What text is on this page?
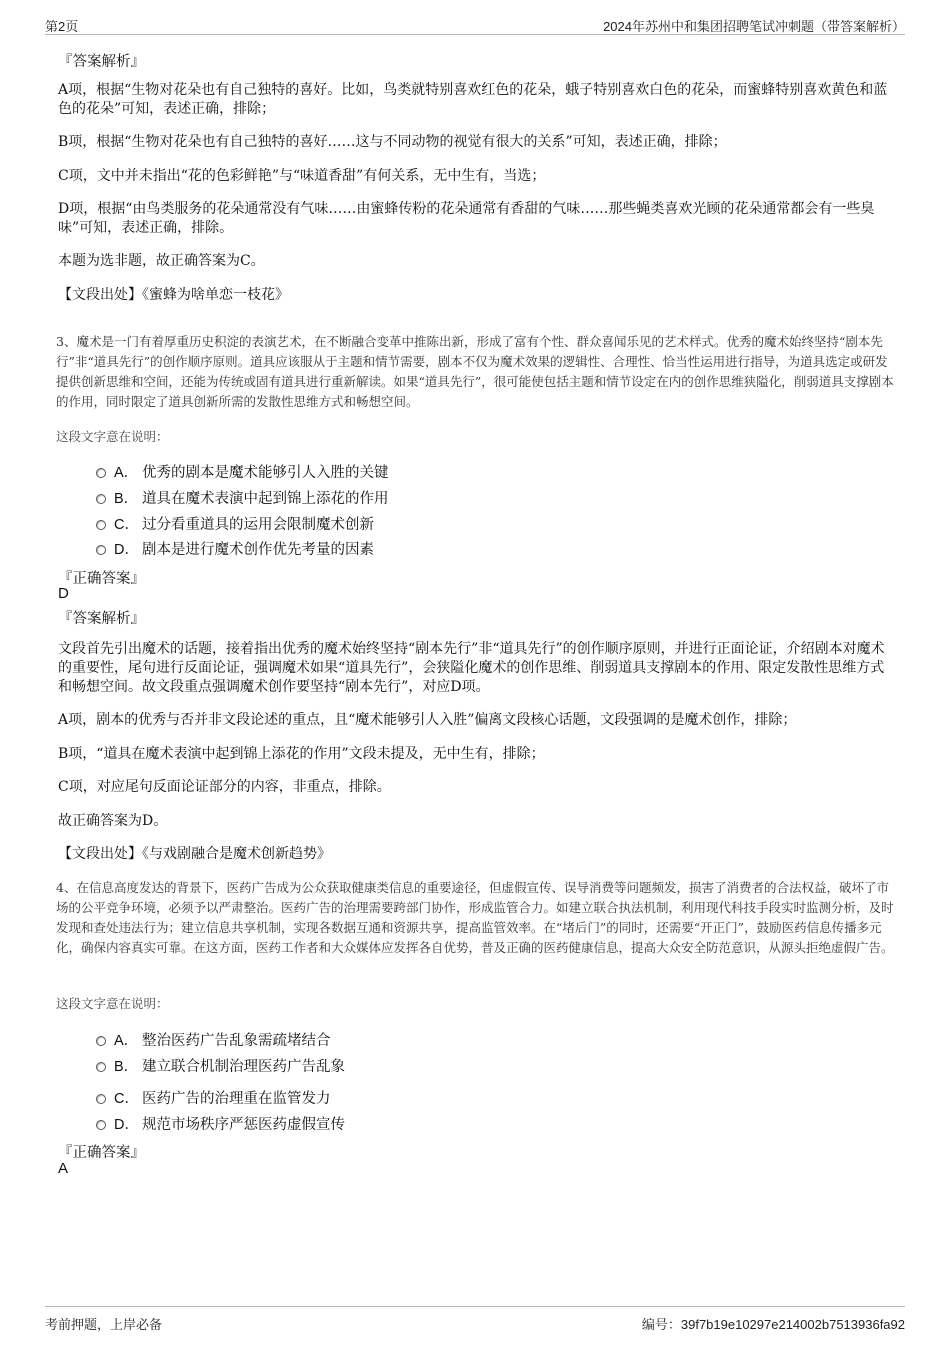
第2页	2024年苏州中和集团招聘笔试冲刺题（带答案解析）
『答案解析』
A项，根据“生物对花朵也有自己独特的喜好。比如，鸟类就特别喜欢红色的花朵，蛾子特别喜欢白色的花朵，而蜜蜂特别喜欢黄色和蓝色的花朵”可知，表述正确，排除；
B项，根据“生物对花朵也有自己独特的喜好……这与不同动物的视觉有很大的关系”可知，表述正确，排除；
C项，文中并未指出“花的色彩鲜艳”与“味道香甜”有何关系，无中生有，当选；
D项，根据“由鸟类服务的花朵通常没有气味……由蜜蜂传粉的花朵通常有香甜的气味……那些蝇类喜欢光顾的花朵通常都会有一些臭味”可知，表述正确，排除。
本题为选非题，故正确答案为C。
【文段出处】《蜜蜂为啥单恋一枝花》
3、魔术是一门有着厚重历史积淀的表演艺术，在不断融合变革中推陈出新，形成了富有个性、群众喜闻乐见的艺术样式。优秀的魔术始终坚持“剧本先行”非“道具先行”的创作顺序原则。道具应该服从于主题和情节需要，剧本不仅为魔术效果的逻辑性、合理性、恰当性运用进行指导，为道具选定或研发提供创新思维和空间，还能为传统或固有道具进行重新解读。如果“道具先行”，很可能使包括主题和情节设定在内的创作思维狭隘化，削弱道具支撑剧本的作用，同时限定了道具创新所需的发散性思维方式和畅想空间。
这段文字意在说明：
A． 优秀的剧本是魔术能够引人入胜的关键
B． 道具在魔术表演中起到锦上添花的作用
C． 过分看重道具的运用会限制魔术创新
D． 剧本是进行魔术创作优先考量的因素
『正确答案』
D
『答案解析』
文段首先引出魔术的话题，接着指出优秀的魔术始终坚持“剧本先行”非“道具先行”的创作顺序原则，并进行正面论证，介绍剧本对魔术的重要性，尾句进行反面论证，强调魔术如果“道具先行”，会狭隘化魔术的创作思维、削弱道具支撑剧本的作用、限定发散性思维方式和畅想空间。故文段重点强调魔术创作要坚持“剧本先行”，对应D项。
A项，剧本的优秀与否并非文段论述的重点，且“魔术能够引人入胜”偏离文段核心话题，文段强调的是魔术创作，排除；
B项，“道具在魔术表演中起到锦上添花的作用”文段未提及，无中生有，排除；
C项，对应尾句反面论证部分的内容，非重点，排除。
故正确答案为D。
【文段出处】《与戏剧融合是魔术创新趋势》
4、在信息高度发达的背景下，医药广告成为公众获取健康类信息的重要途径，但虚假宣传、误导消费等问题频发，损害了消费者的合法权益，破坏了市场的公平竞争环境，必须予以严肃整治。医药广告的治理需要跨部门协作，形成监管合力。如建立联合执法机制，利用现代科技手段实时监测分析，及时发现和查处违法行为；建立信息共享机制，实现各数据互通和资源共享，提高监管效率。在“堵后门”的同时，还需要“开正门”，鼓励医药信息传播多元化，确保内容真实可靠。在这方面，医药工作者和大众媒体应发挥各自优势，普及正确的医药健康信息，提高大众安全防范意识，从源头拒绝虚假广告。
这段文字意在说明：
A． 整治医药广告乱象需疏堵结合
B． 建立联合机制治理医药广告乱象
C． 医药广告的治理重在监管发力
D． 规范市场秩序严惩医药虚假宣传
『正确答案』
A
考前押题，上岸必备	编号：39f7b19e10297e214002b7513936fa92
